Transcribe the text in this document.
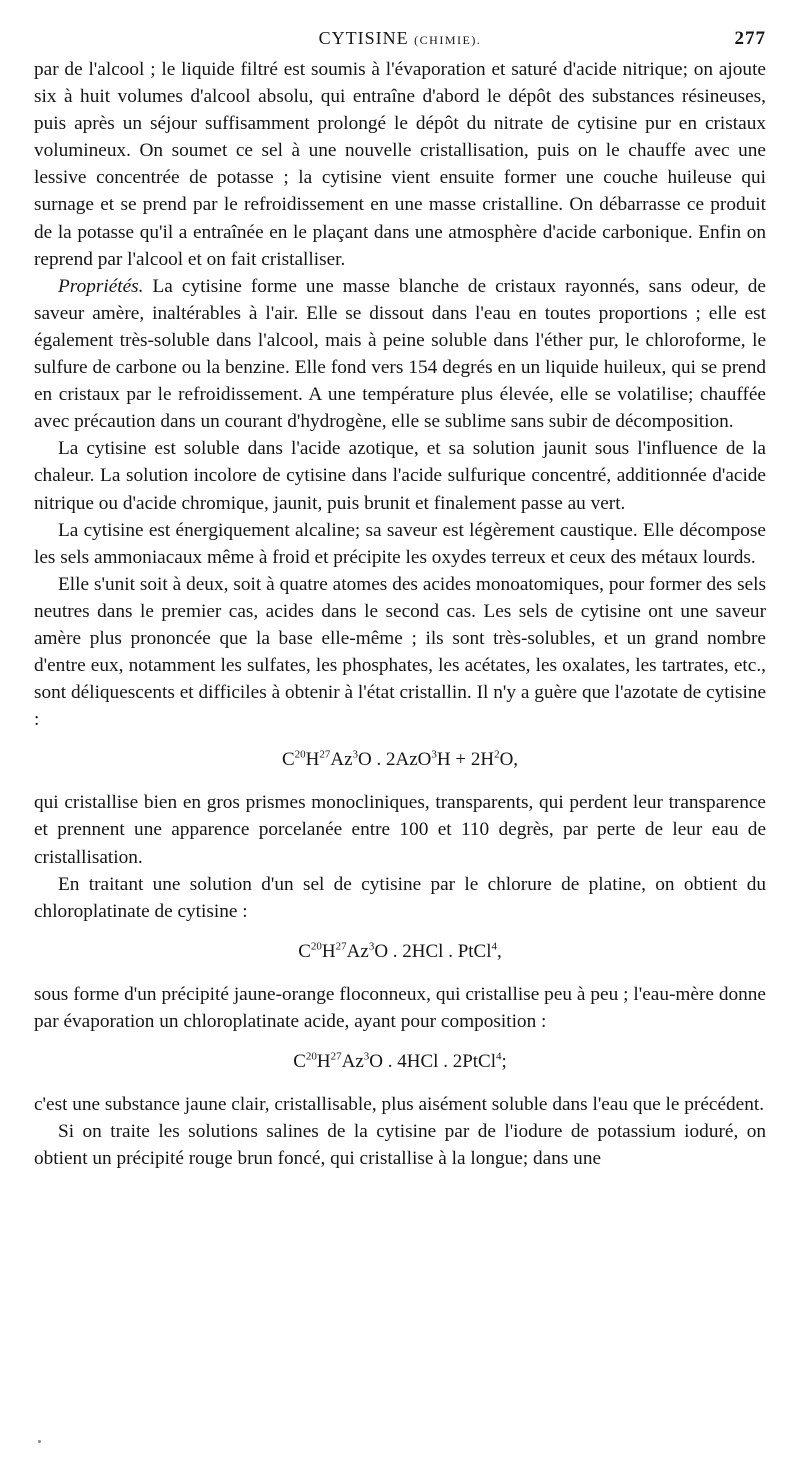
CYTISINE (CHIMIE).	277

par de l'alcool ; le liquide filtré est soumis à l'évaporation et saturé d'acide nitrique; on ajoute six à huit volumes d'alcool absolu, qui entraîne d'abord le dépôt des substances résineuses, puis après un séjour suffisamment prolongé le dépôt du nitrate de cytisine pur en cristaux volumineux. On soumet ce sel à une nouvelle cristallisation, puis on le chauffe avec une lessive concentrée de potasse ; la cytisine vient ensuite former une couche huileuse qui surnage et se prend par le refroidissement en une masse cristalline. On débarrasse ce produit de la potasse qu'il a entraînée en le plaçant dans une atmosphère d'acide carbonique. Enfin on reprend par l'alcool et on fait cristalliser.

Propriétés. La cytisine forme une masse blanche de cristaux rayonnés, sans odeur, de saveur amère, inaltérables à l'air. Elle se dissout dans l'eau en toutes proportions ; elle est également très-soluble dans l'alcool, mais à peine soluble dans l'éther pur, le chloroforme, le sulfure de carbone ou la benzine. Elle fond vers 154 degrés en un liquide huileux, qui se prend en cristaux par le refroidissement. A une température plus élevée, elle se volatilise; chauffée avec précaution dans un courant d'hydrogène, elle se sublime sans subir de décomposition.

La cytisine est soluble dans l'acide azotique, et sa solution jaunit sous l'influence de la chaleur. La solution incolore de cytisine dans l'acide sulfurique concentré, additionnée d'acide nitrique ou d'acide chromique, jaunit, puis brunit et finalement passe au vert.

La cytisine est énergiquement alcaline; sa saveur est légèrement caustique. Elle décompose les sels ammoniacaux même à froid et précipite les oxydes terreux et ceux des métaux lourds.

Elle s'unit soit à deux, soit à quatre atomes des acides monoatomiques, pour former des sels neutres dans le premier cas, acides dans le second cas. Les sels de cytisine ont une saveur amère plus prononcée que la base elle-même ; ils sont très-solubles, et un grand nombre d'entre eux, notamment les sulfates, les phosphates, les acétates, les oxalates, les tartrates, etc., sont déliquescents et difficiles à obtenir à l'état cristallin. Il n'y a guère que l'azotate de cytisine :

$C^{20}H^{27}Az^3O$ . $2AzO^3H + 2H^2O$,

qui cristallise bien en gros prismes monocliniques, transparents, qui perdent leur transparence et prennent une apparence porcelanée entre 100 et 110 degrès, par perte de leur eau de cristallisation.

En traitant une solution d'un sel de cytisine par le chlorure de platine, on obtient du chloroplatinate de cytisine :

$C^{20}H^{27}Az^3O$ . 2HCl . PtCl$^4$,

sous forme d'un précipité jaune-orange floconneux, qui cristallise peu à peu ; l'eau-mère donne par évaporation un chloroplatinate acide, ayant pour composition :

$C^{20}H^{27}Az^3O$ . 4HCl . 2PtCl$^4$;

c'est une substance jaune clair, cristallisable, plus aisément soluble dans l'eau que le précédent.

Si on traite les solutions salines de la cytisine par de l'iodure de potassium ioduré, on obtient un précipité rouge brun foncé, qui cristallise à la longue; dans une
